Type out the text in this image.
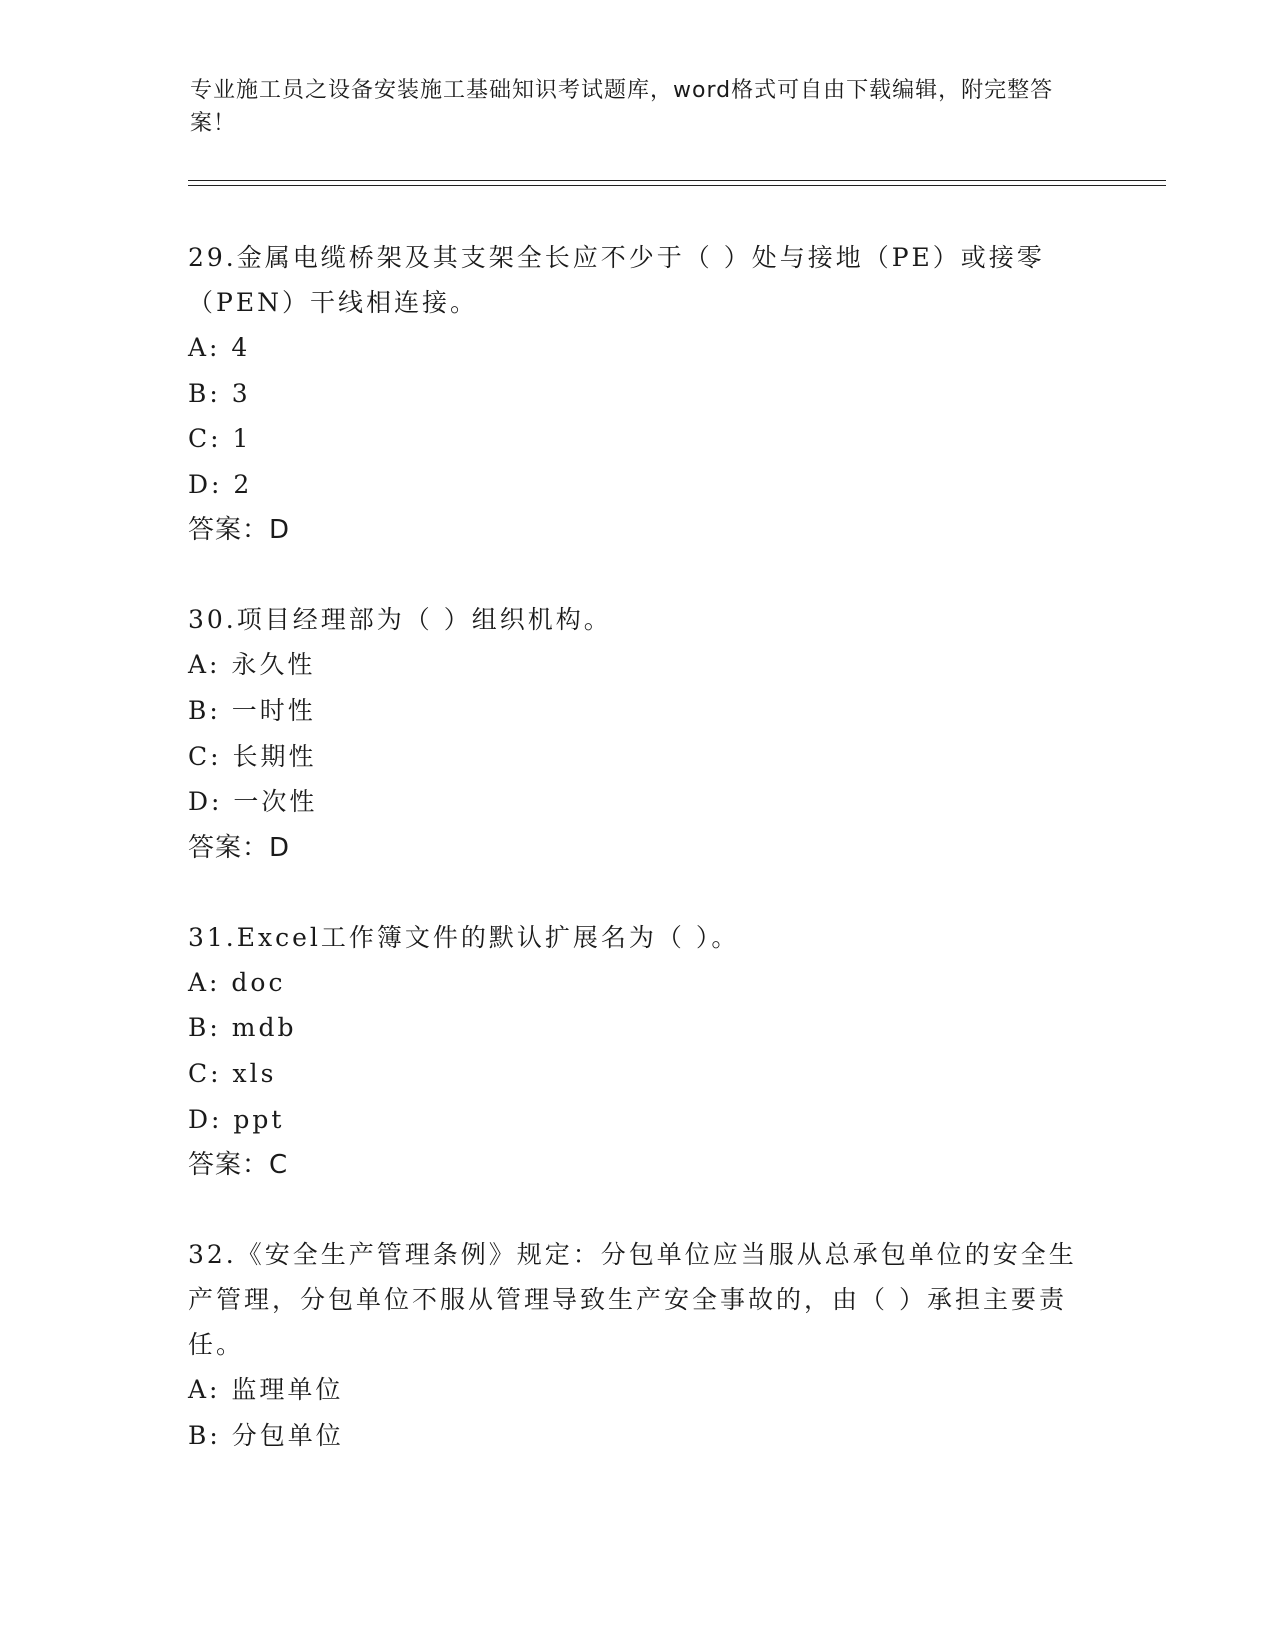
专业施工员之设备安装施工基础知识考试题库，word格式可自由下载编辑，附完整答案！
29.金属电缆桥架及其支架全长应不少于（ ）处与接地（PE）或接零（PEN）干线相连接。
A: 4
B: 3
C: 1
D: 2
答案：D
30.项目经理部为（ ）组织机构。
A: 永久性
B: 一时性
C: 长期性
D: 一次性
答案：D
31.Excel工作簿文件的默认扩展名为（ ）。
A: doc
B: mdb
C: xls
D: ppt
答案：C
32.《安全生产管理条例》规定：分包单位应当服从总承包单位的安全生产管理，分包单位不服从管理导致生产安全事故的，由（ ）承担主要责任。
A: 监理单位
B: 分包单位
